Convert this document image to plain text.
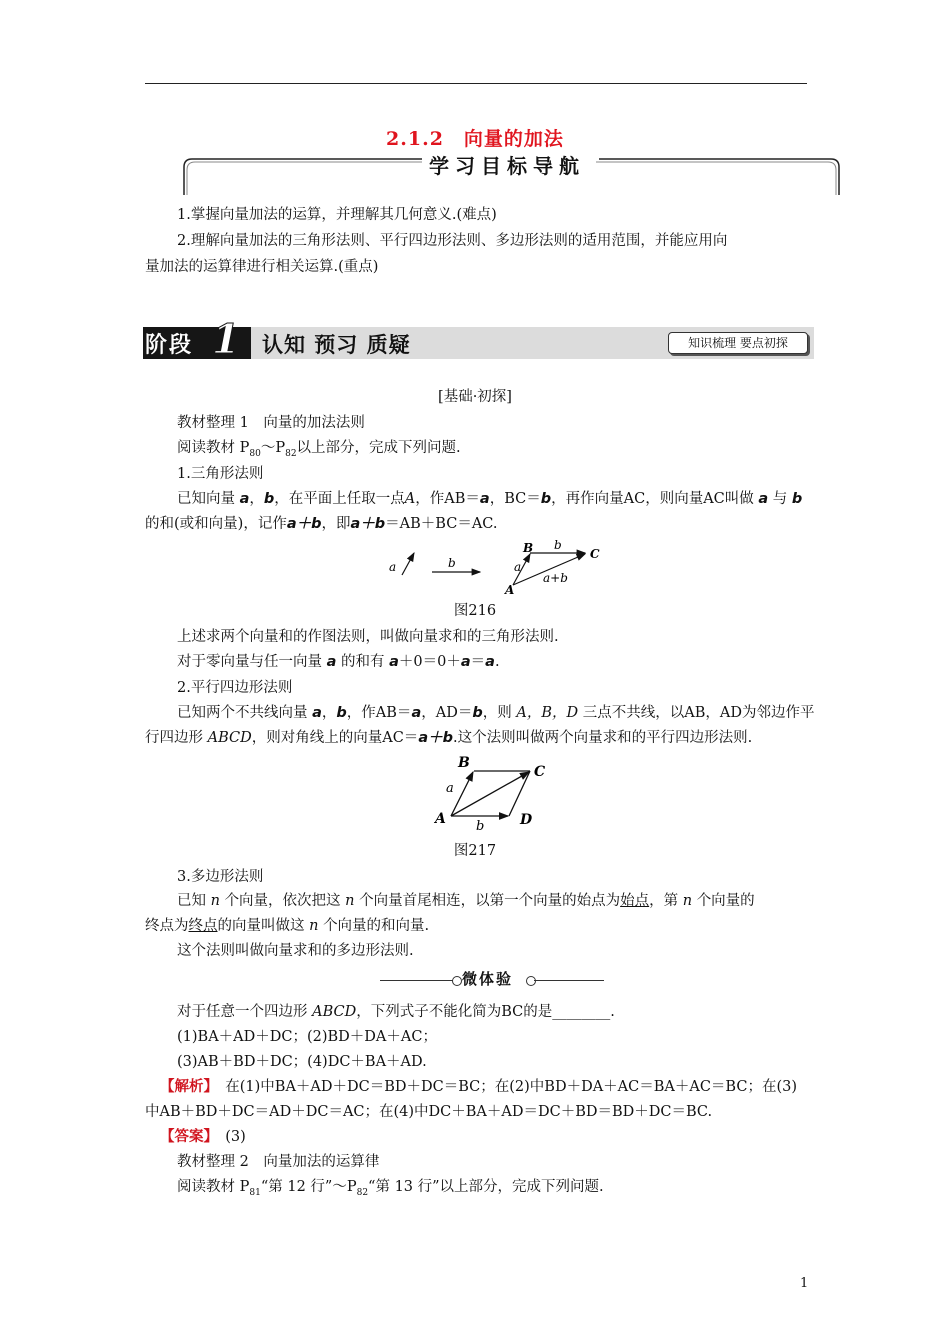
2.1.2　向量的加法
学习目标导航
1.掌握向量加法的运算，并理解其几何意义.(难点)
2.理解向量加法的三角形法则、平行四边形法则、多边形法则的适用范围，并能应用向
量加法的运算律进行相关运算.(重点)
阶段 1 认知 预习 质疑	知识梳理 要点初探
[基础·初探]
教材整理 1　向量的加法法则
阅读教材 $P_{80}\sim P_{82}$以上部分，完成下列问题.
1.三角形法则
已知向量 a，b，在平面上任取一点A，作AB＝a，BC＝b，再作向量AC，则向量AC叫做 a 与 b
的和(或和向量)，记作a＋b，即a＋b＝AB＋BC＝AC.
a	b
B b
C
a
a+b
A
图216
上述求两个向量和的作图法则，叫做向量求和的三角形法则.
对于零向量与任一向量 a 的和有 a＋0＝0＋a＝a.
2.平行四边形法则
已知两个不共线向量 a，b，作AB＝a，AD＝b，则 A，B，D 三点不共线，以AB，AD为邻边作平
行四边形 ABCD，则对角线上的向量AC＝a＋b.这个法则叫做两个向量求和的平行四边形法则.
B
C
A	D
a
b
图217
3.多边形法则
已知 n 个向量，依次把这 n 个向量首尾相连，以第一个向量的始点为始点，第 n 个向量的
终点为终点的向量叫做这 n 个向量的和向量.
这个法则叫做向量求和的多边形法则.
微体验
对于任意一个四边形 ABCD，下列式子不能化简为BC的是________.
(1)BA＋AD＋DC；(2)BD＋DA＋AC；
(3)AB＋BD＋DC；(4)DC＋BA＋AD.
【解析】　在(1)中BA＋AD＋DC＝BD＋DC＝BC；在(2)中BD＋DA＋AC＝BA＋AC＝BC；在(3)
中AB＋BD＋DC＝AD＋DC＝AC；在(4)中DC＋BA＋AD＝DC＋BD＝BD＋DC＝BC.
【答案】　(3)
教材整理 2　向量加法的运算律
阅读教材 $P_{81}“$第 12 行$”\sim P_{82}“$第 13 行”以上部分，完成下列问题.
1
